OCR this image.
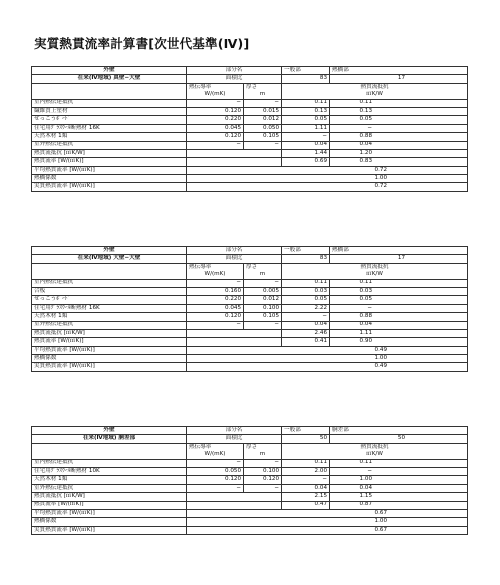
実質熱貫流率計算書[次世代基準(Ⅳ)]
外壁	部分名		一般部	熱橋部
在来(Ⅳ地域) 真壁−大壁	面積比		83	17
	熱伝導率	厚さ	熱貫流抵抗	
	W/(mK)	m	㎡K/W	
室内熱伝達抵抗	−	−	0.11	0.11
繊維質上塗材	0.120	0.015	0.13	0.13
せっこうﾎﾞｰﾄﾞ	0.220	0.012	0.05	0.05
住宅用ｸﾞﾗｽｳｰﾙ断熱材 16K	0.045	0.050	1.11	−
天然木材 1類	0.120	0.105	−	0.88
室外熱伝達抵抗	−	−	0.04	0.04
熱貫流抵抗 [㎡K/W]			1.44	1.20
熱貫流率 [W/(㎡K)]			0.69	0.83
平均熱貫流率 [W/(㎡K)]	0.72			
熱橋係数	1.00			
実質熱貫流率 [W/(㎡K)]	0.72			
外壁	部分名		一般部	熱橋部
在来(Ⅳ地域) 大壁−大壁	面積比		83	17
	熱伝導率	厚さ	熱貫流抵抗	
	W/(mK)	m	㎡K/W	
室内熱伝達抵抗	−	−	0.11	0.11
合板	0.160	0.005	0.03	0.03
せっこうﾎﾞｰﾄﾞ	0.220	0.012	0.05	0.05
住宅用ｸﾞﾗｽｳｰﾙ断熱材 16K	0.045	0.100	2.22	−
天然木材 1類	0.120	0.105	−	0.88
室外熱伝達抵抗	−	−	0.04	0.04
熱貫流抵抗 [㎡K/W]			2.46	1.11
熱貫流率 [W/(㎡K)]			0.41	0.90
平均熱貫流率 [W/(㎡K)]	0.49			
熱橋係数	1.00			
実質熱貫流率 [W/(㎡K)]	0.49			
外壁	部分名		一般部	胴差部
在来(Ⅳ地域) 胴差部	面積比		50	50
	熱伝導率	厚さ	熱貫流抵抗	
	W/(mK)	m	㎡K/W	
室内熱伝達抵抗	−	−	0.11	0.11
住宅用ｸﾞﾗｽｳｰﾙ断熱材 10K	0.050	0.100	2.00	−
天然木材 1類	0.120	0.120	−	1.00
室外熱伝達抵抗	−	−	0.04	0.04
熱貫流抵抗 [㎡K/W]			2.15	1.15
熱貫流率 [W/(㎡K)]			0.47	0.87
平均熱貫流率 [W/(㎡K)]	0.67			
熱橋係数	1.00			
実質熱貫流率 [W/(㎡K)]	0.67			
